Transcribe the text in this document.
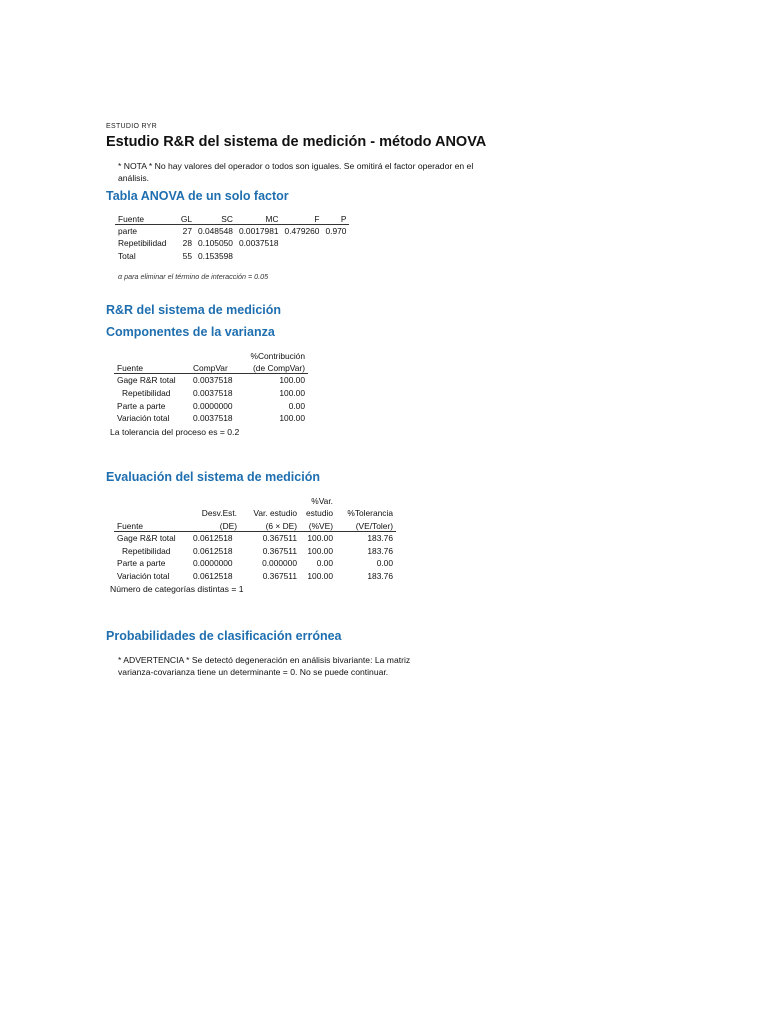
ESTUDIO RYR
Estudio R&R del sistema de medición - método ANOVA
* NOTA * No hay valores del operador o todos son iguales. Se omitirá el factor operador en el
análisis.
Tabla ANOVA de un solo factor
Fuente	GL	SC	MC	F	P
parte	27	0.048548	0.0017981	0.479260	0.970
Repetibilidad	28	0.105050	0.0037518		
Total	55	0.153598			
α para eliminar el término de interacción = 0.05
R&R del sistema de medición
Componentes de la varianza
		%Contribución
Fuente	CompVar	(de CompVar)
Gage R&R total	0.0037518	100.00
Repetibilidad	0.0037518	100.00
Parte a parte	0.0000000	0.00
Variación total	0.0037518	100.00
La tolerancia del proceso es = 0.2
Evaluación del sistema de medición
			%Var.	
	Desv.Est.	Var. estudio	estudio	%Tolerancia
Fuente	(DE)	(6 × DE)	(%VE)	(VE/Toler)
Gage R&R total	0.0612518	0.367511	100.00	183.76
Repetibilidad	0.0612518	0.367511	100.00	183.76
Parte a parte	0.0000000	0.000000	0.00	0.00
Variación total	0.0612518	0.367511	100.00	183.76
Número de categorías distintas = 1
Probabilidades de clasificación errónea
* ADVERTENCIA * Se detectó degeneración en análisis bivariante: La matriz
varianza-covarianza tiene un determinante = 0. No se puede continuar.
